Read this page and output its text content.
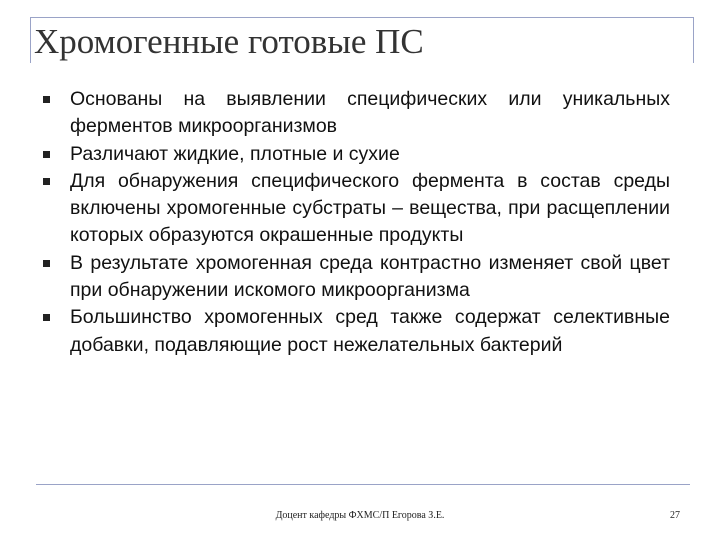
Хромогенные готовые ПС
Основаны на выявлении специфических или уникальных ферментов микроорганизмов
Различают жидкие, плотные и сухие
Для обнаружения специфического фермента в состав среды включены хромогенные субстраты – вещества, при расщеплении которых образуются окрашенные продукты
В результате хромогенная среда контрастно изменяет свой цвет при обнаружении искомого микроорганизма
Большинство хромогенных сред также содержат селективные добавки, подавляющие рост нежелательных бактерий
Доцент кафедры ФХМС/П Егорова З.Е.	27
